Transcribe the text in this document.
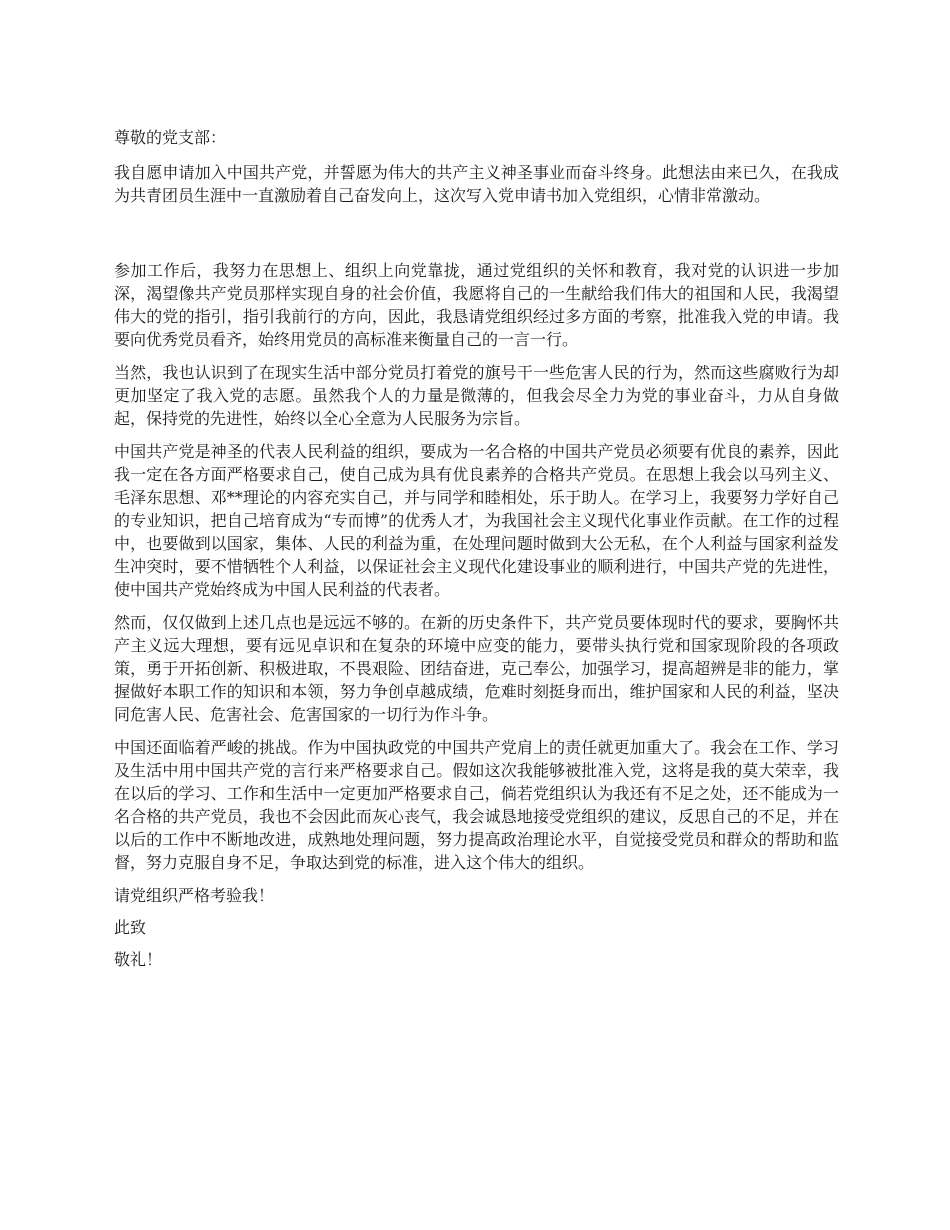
尊敬的党支部：

我自愿申请加入中国共产党，并誓愿为伟大的共产主义神圣事业而奋斗终身。此想法由来已久，在我成为共青团员生涯中一直激励着自己奋发向上，这次写入党申请书加入党组织，心情非常激动。

参加工作后，我努力在思想上、组织上向党靠拢，通过党组织的关怀和教育，我对党的认识进一步加深，渴望像共产党员那样实现自身的社会价值，我愿将自己的一生献给我们伟大的祖国和人民，我渴望伟大的党的指引，指引我前行的方向，因此，我恳请党组织经过多方面的考察，批准我入党的申请。我要向优秀党员看齐，始终用党员的高标准来衡量自己的一言一行。

当然，我也认识到了在现实生活中部分党员打着党的旗号干一些危害人民的行为，然而这些腐败行为却更加坚定了我入党的志愿。虽然我个人的力量是微薄的，但我会尽全力为党的事业奋斗，力从自身做起，保持党的先进性，始终以全心全意为人民服务为宗旨。

中国共产党是神圣的代表人民利益的组织，要成为一名合格的中国共产党员必须要有优良的素养，因此我一定在各方面严格要求自己，使自己成为具有优良素养的合格共产党员。在思想上我会以马列主义、毛泽东思想、邓**理论的内容充实自己，并与同学和睦相处，乐于助人。在学习上，我要努力学好自己的专业知识，把自己培育成为“专而博”的优秀人才，为我国社会主义现代化事业作贡献。在工作的过程中，也要做到以国家，集体、人民的利益为重，在处理问题时做到大公无私，在个人利益与国家利益发生冲突时，要不惜牺牲个人利益，以保证社会主义现代化建设事业的顺利进行，中国共产党的先进性，使中国共产党始终成为中国人民利益的代表者。

然而，仅仅做到上述几点也是远远不够的。在新的历史条件下，共产党员要体现时代的要求，要胸怀共产主义远大理想，要有远见卓识和在复杂的环境中应变的能力，要带头执行党和国家现阶段的各项政策，勇于开拓创新、积极进取，不畏艰险、团结奋进，克己奉公，加强学习，提高超辨是非的能力，掌握做好本职工作的知识和本领，努力争创卓越成绩，危难时刻挺身而出，维护国家和人民的利益，坚决同危害人民、危害社会、危害国家的一切行为作斗争。

中国还面临着严峻的挑战。作为中国执政党的中国共产党肩上的责任就更加重大了。我会在工作、学习及生活中用中国共产党的言行来严格要求自己。假如这次我能够被批准入党，这将是我的莫大荣幸，我在以后的学习、工作和生活中一定更加严格要求自己，倘若党组织认为我还有不足之处，还不能成为一名合格的共产党员，我也不会因此而灰心丧气，我会诚恳地接受党组织的建议，反思自己的不足，并在以后的工作中不断地改进，成熟地处理问题，努力提高政治理论水平，自觉接受党员和群众的帮助和监督，努力克服自身不足，争取达到党的标准，进入这个伟大的组织。

请党组织严格考验我！

此致

敬礼！
